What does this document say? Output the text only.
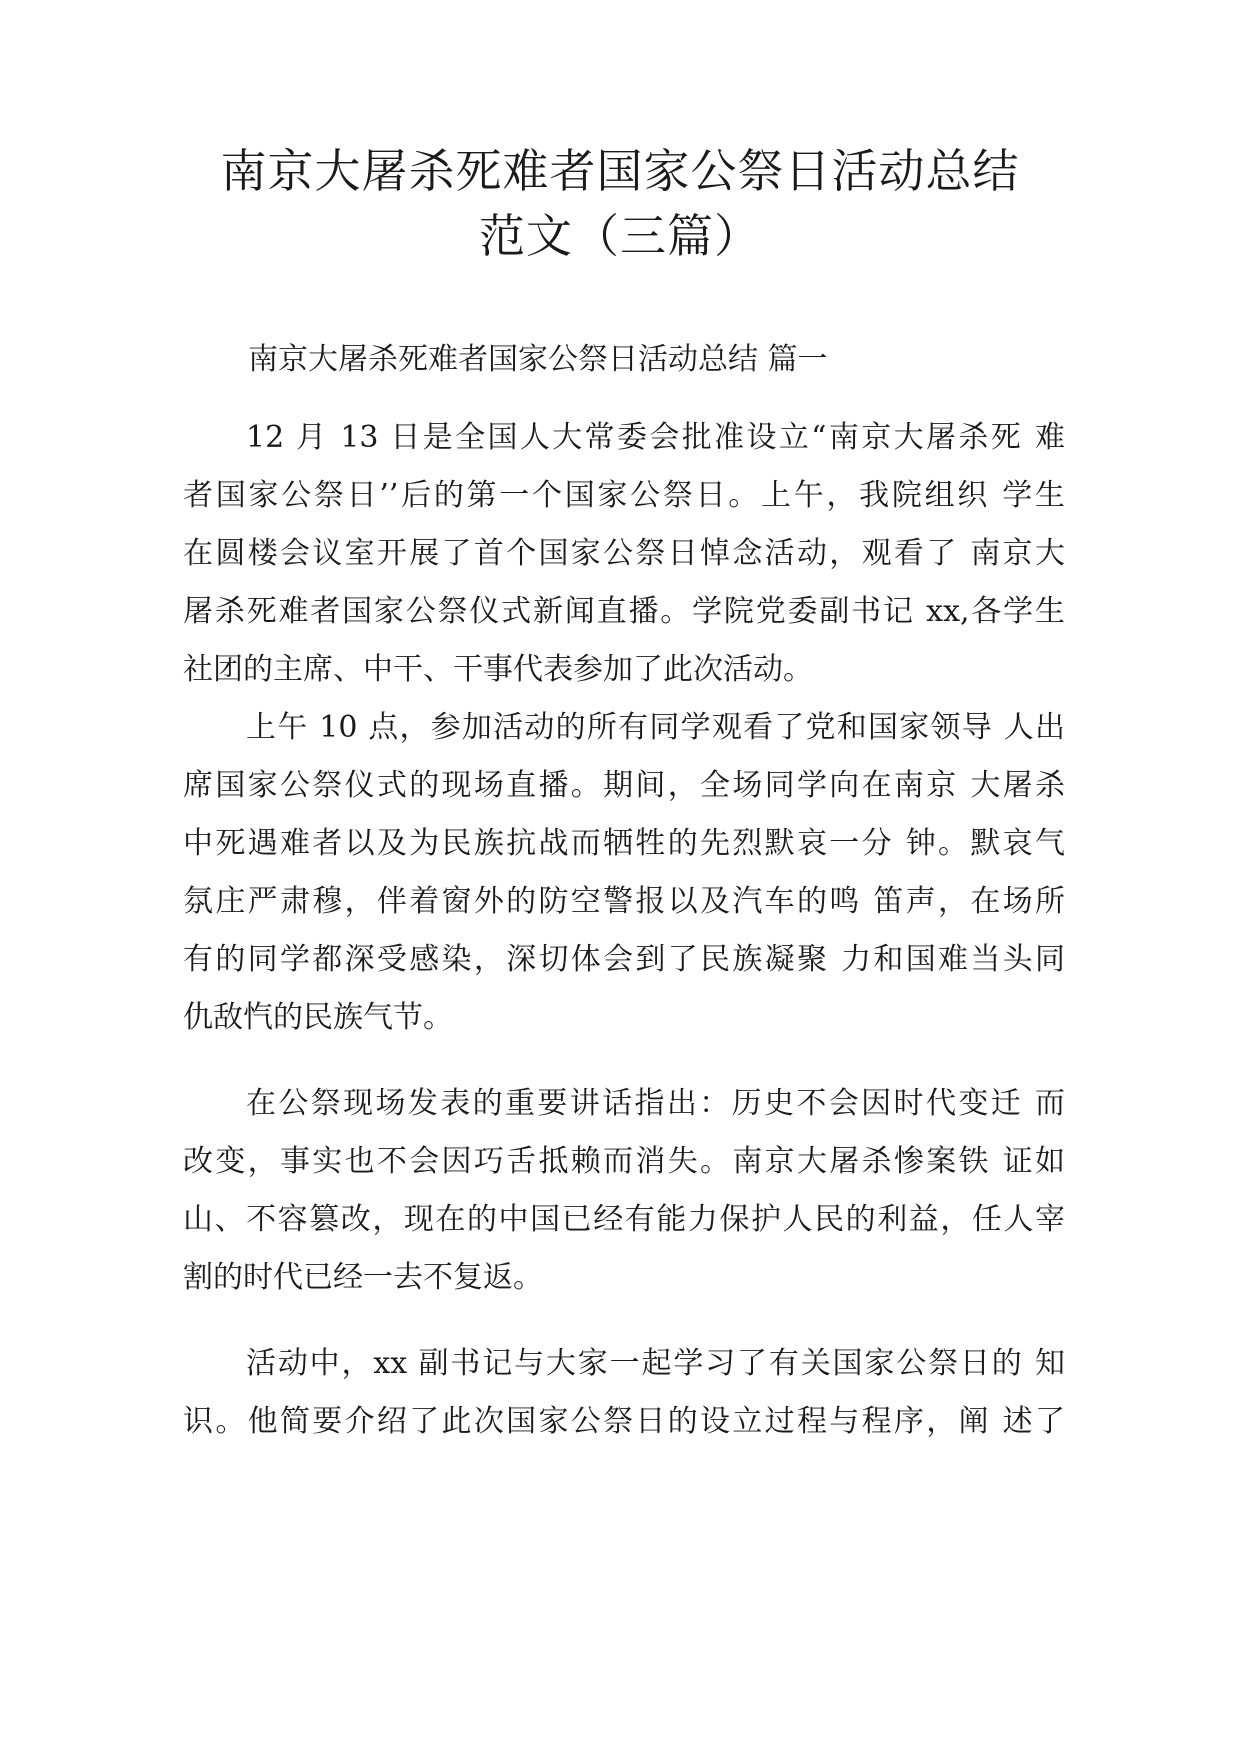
南京大屠杀死难者国家公祭日活动总结
范文（三篇）
南京大屠杀死难者国家公祭日活动总结 篇一

12 月 13 日是全国人大常委会批准设立“南京大屠杀死 难

者国家公祭日’’后的第一个国家公祭日。上午，我院组织 学生

在圆楼会议室开展了首个国家公祭日悼念活动，观看了 南京大

屠杀死难者国家公祭仪式新闻直播。学院党委副书记 xx,各学生

社团的主席、中干、干事代表参加了此次活动。

上午 10 点，参加活动的所有同学观看了党和国家领导 人出

席国家公祭仪式的现场直播。期间，全场同学向在南京 大屠杀

中死遇难者以及为民族抗战而牺牲的先烈默哀一分 钟。默哀气

氛庄严肃穆，伴着窗外的防空警报以及汽车的鸣 笛声，在场所

有的同学都深受感染，深切体会到了民族凝聚 力和国难当头同

仇敌忾的民族气节。

在公祭现场发表的重要讲话指出：历史不会因时代变迁 而

改变，事实也不会因巧舌抵赖而消失。南京大屠杀惨案铁 证如

山、不容篡改，现在的中国已经有能力保护人民的利益，任人宰

割的时代已经一去不复返。

活动中，xx 副书记与大家一起学习了有关国家公祭日的 知

识。他简要介绍了此次国家公祭日的设立过程与程序，阐 述了
